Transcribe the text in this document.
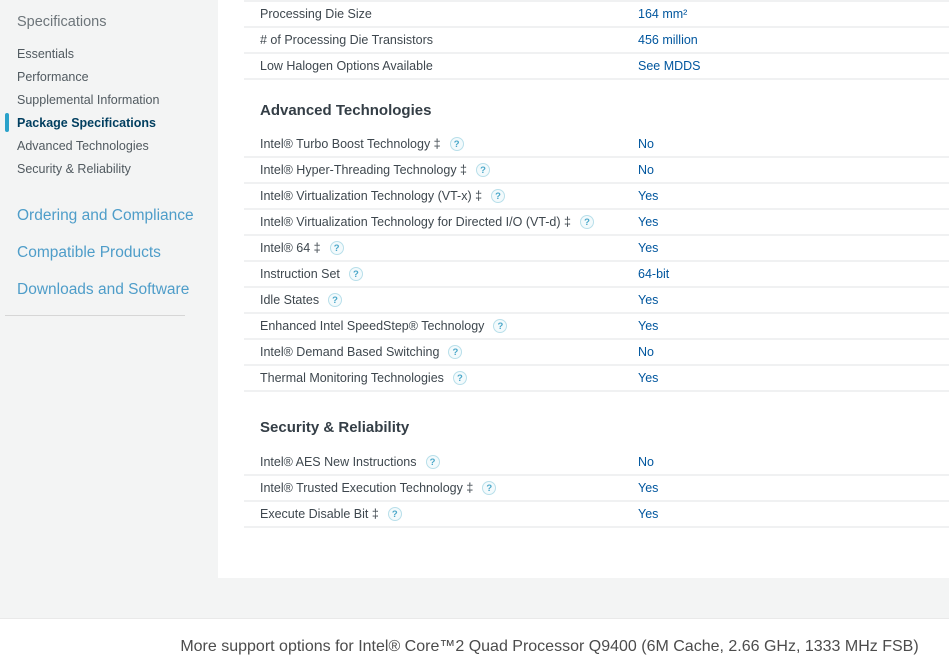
Specifications
Essentials
Performance
Supplemental Information
Package Specifications
Advanced Technologies
Security & Reliability
Ordering and Compliance
Compatible Products
Downloads and Software
Processing Die Size	164 mm²
# of Processing Die Transistors	456 million
Low Halogen Options Available	See MDDS
Advanced Technologies
Intel® Turbo Boost Technology ‡	?	No
Intel® Hyper-Threading Technology ‡	?	No
Intel® Virtualization Technology (VT-x) ‡	?	Yes
Intel® Virtualization Technology for Directed I/O (VT-d) ‡	?	Yes
Intel® 64 ‡	?	Yes
Instruction Set	?	64-bit
Idle States	?	Yes
Enhanced Intel SpeedStep® Technology	?	Yes
Intel® Demand Based Switching	?	No
Thermal Monitoring Technologies	?	Yes
Security & Reliability
Intel® AES New Instructions	?	No
Intel® Trusted Execution Technology ‡	?	Yes
Execute Disable Bit ‡	?	Yes
More support options for Intel® Core™2 Quad Processor Q9400 (6M Cache, 2.66 GHz, 1333 MHz FSB)
